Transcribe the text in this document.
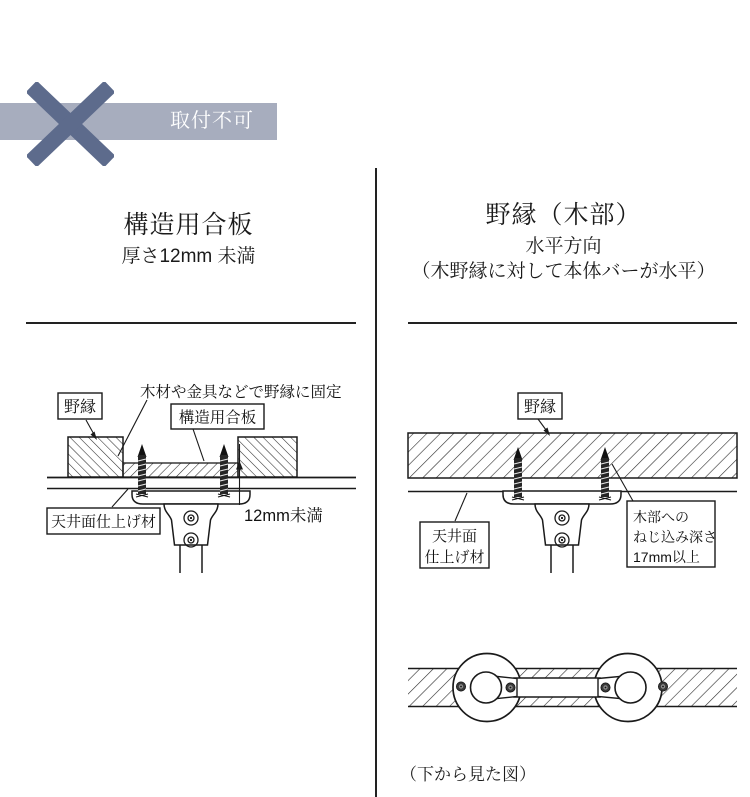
取付不可
構造用合板
厚さ12mm 未満
野縁（木部）
水平方向
（木野縁に対して本体バーが水平）
木材や金具などで野縁に固定
野縁
構造用合板
天井面仕上げ材	12mm未満
野縁
天井面
仕上げ材
木部への
ねじ込み深さ
17mm以上
（下から見た図）
